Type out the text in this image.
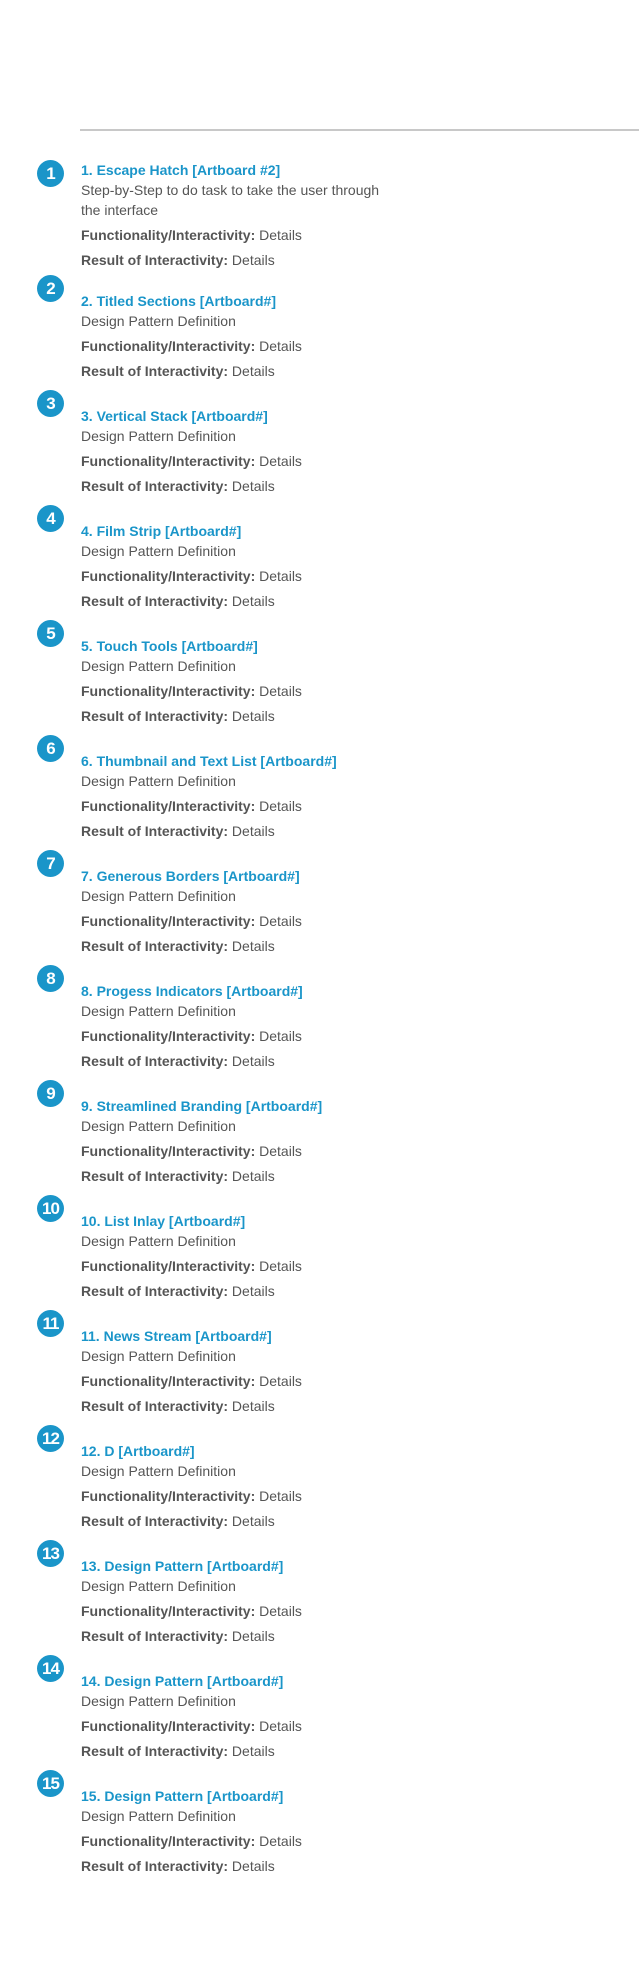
1	1. Escape Hatch [Artboard #2]
Step-by-Step to do task to take the user through the interface
Functionality/Interactivity: Details
Result of Interactivity: Details
2
2. Titled Sections [Artboard#]
Design Pattern Definition
Functionality/Interactivity: Details
Result of Interactivity: Details
3
3. Vertical Stack [Artboard#]
Design Pattern Definition
Functionality/Interactivity: Details
Result of Interactivity: Details
4
4. Film Strip [Artboard#]
Design Pattern Definition
Functionality/Interactivity: Details
Result of Interactivity: Details
5
5. Touch Tools [Artboard#]
Design Pattern Definition
Functionality/Interactivity: Details
Result of Interactivity: Details
6
6. Thumbnail and Text List [Artboard#]
Design Pattern Definition
Functionality/Interactivity: Details
Result of Interactivity: Details
7
7. Generous Borders [Artboard#]
Design Pattern Definition
Functionality/Interactivity: Details
Result of Interactivity: Details
8
8. Progess Indicators [Artboard#]
Design Pattern Definition
Functionality/Interactivity: Details
Result of Interactivity: Details
9
9. Streamlined Branding [Artboard#]
Design Pattern Definition
Functionality/Interactivity: Details
Result of Interactivity: Details
10
10. List Inlay [Artboard#]
Design Pattern Definition
Functionality/Interactivity: Details
Result of Interactivity: Details
11
11. News Stream [Artboard#]
Design Pattern Definition
Functionality/Interactivity: Details
Result of Interactivity: Details
12
12. D [Artboard#]
Design Pattern Definition
Functionality/Interactivity: Details
Result of Interactivity: Details
13
13. Design Pattern [Artboard#]
Design Pattern Definition
Functionality/Interactivity: Details
Result of Interactivity: Details
14
14. Design Pattern [Artboard#]
Design Pattern Definition
Functionality/Interactivity: Details
Result of Interactivity: Details
15
15. Design Pattern [Artboard#]
Design Pattern Definition
Functionality/Interactivity: Details
Result of Interactivity: Details
